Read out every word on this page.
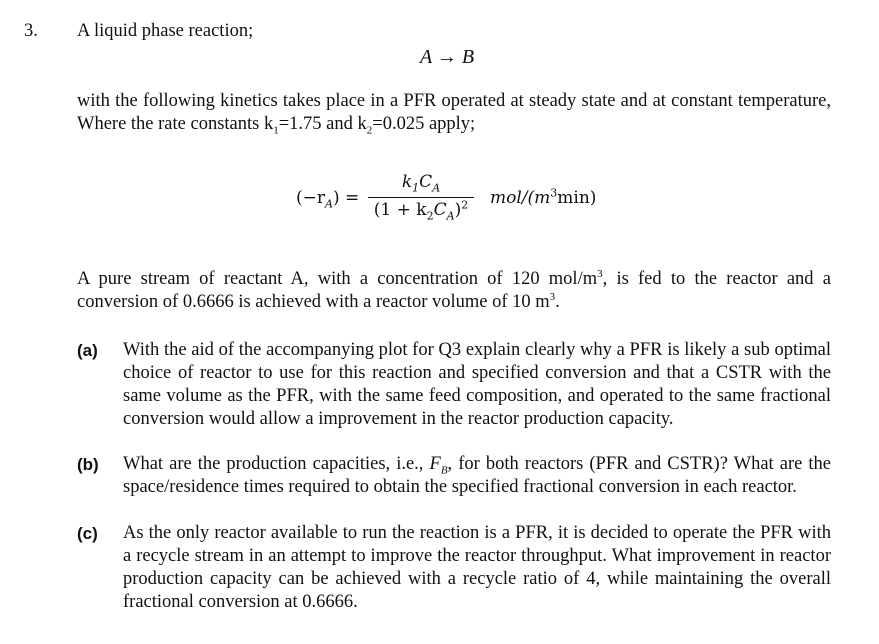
3. A liquid phase reaction;
A → B
with the following kinetics takes place in a PFR operated at steady state and at constant temperature, Where the rate constants $k_1=1.75$ and $k_2=0.025$ apply;
$(-r_A)$ =
$k_1C_A$
$(1 + k_2C_A)^2$	mol/$(m^3\min)$
A pure stream of reactant A, with a concentration of 120 mol/$m^3$, is fed to the reactor and a conversion of 0.6666 is achieved with a reactor volume of 10 $m^3$.
(a) With the aid of the accompanying plot for Q3 explain clearly why a PFR is likely a sub optimal choice of reactor to use for this reaction and specified conversion and that a CSTR with the same volume as the PFR, with the same feed composition, and operated to the same fractional conversion would allow a improvement in the reactor production capacity.
(b) What are the production capacities, i.e., $F_B$, for both reactors (PFR and CSTR)? What are the space/residence times required to obtain the specified fractional conversion in each reactor.
(c) As the only reactor available to run the reaction is a PFR, it is decided to operate the PFR with a recycle stream in an attempt to improve the reactor throughput. What improvement in reactor production capacity can be achieved with a recycle ratio of 4, while maintaining the overall fractional conversion at 0.6666.
